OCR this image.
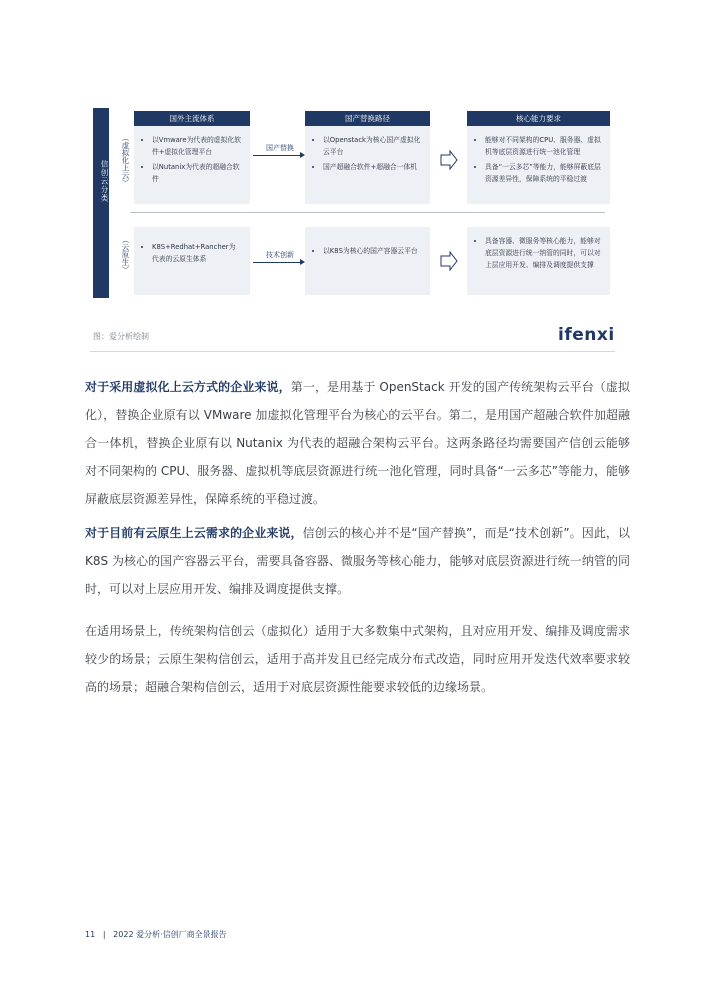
信创云分类	（虚拟化上云）
（云原生）
国外主流体系	国产替换路径	核心能力要求
• 以Vmware为代表的虚拟化软件+虚拟化管理平台
• 以Nutanix为代表的超融合软件
国产替换
• 以Openstack为核心国产虚拟化云平台
• 国产超融合软件+超融合一体机
• 能够对不同架构的CPU、服务器、虚拟机等底层资源进行统一池化管理
• 具备“一云多芯”等能力，能够屏蔽底层资源差异性，保障系统的平稳过渡
• K8S+Redhat+Rancher为代表的云原生体系	技术创新
•	以K8S为核心的国产容器云平台
• 具备容器、微服务等核心能力，能够对底层资源进行统一纳管的同时，可以对上层应用开发、编排及调度提供支撑
图：爱分析绘制	ifenxi
对于采用虚拟化上云方式的企业来说，第一，是用基于 OpenStack 开发的国产传统架构云平台（虚拟化），替换企业原有以 VMware 加虚拟化管理平台为核心的云平台。第二，是用国产超融合软件加超融合一体机，替换企业原有以 Nutanix 为代表的超融合架构云平台。这两条路径均需要国产信创云能够对不同架构的 CPU、服务器、虚拟机等底层资源进行统一池化管理，同时具备“一云多芯”等能力，能够屏蔽底层资源差异性，保障系统的平稳过渡。
对于目前有云原生上云需求的企业来说，信创云的核心并不是“国产替换”，而是“技术创新”。因此，以 K8S 为核心的国产容器云平台，需要具备容器、微服务等核心能力，能够对底层资源进行统一纳管的同时，可以对上层应用开发、编排及调度提供支撑。
在适用场景上，传统架构信创云（虚拟化）适用于大多数集中式架构，且对应用开发、编排及调度需求较少的场景；云原生架构信创云，适用于高并发且已经完成分布式改造，同时应用开发迭代效率要求较高的场景；超融合架构信创云，适用于对底层资源性能要求较低的边缘场景。
11 | 2022 爱分析·信创厂商全景报告
